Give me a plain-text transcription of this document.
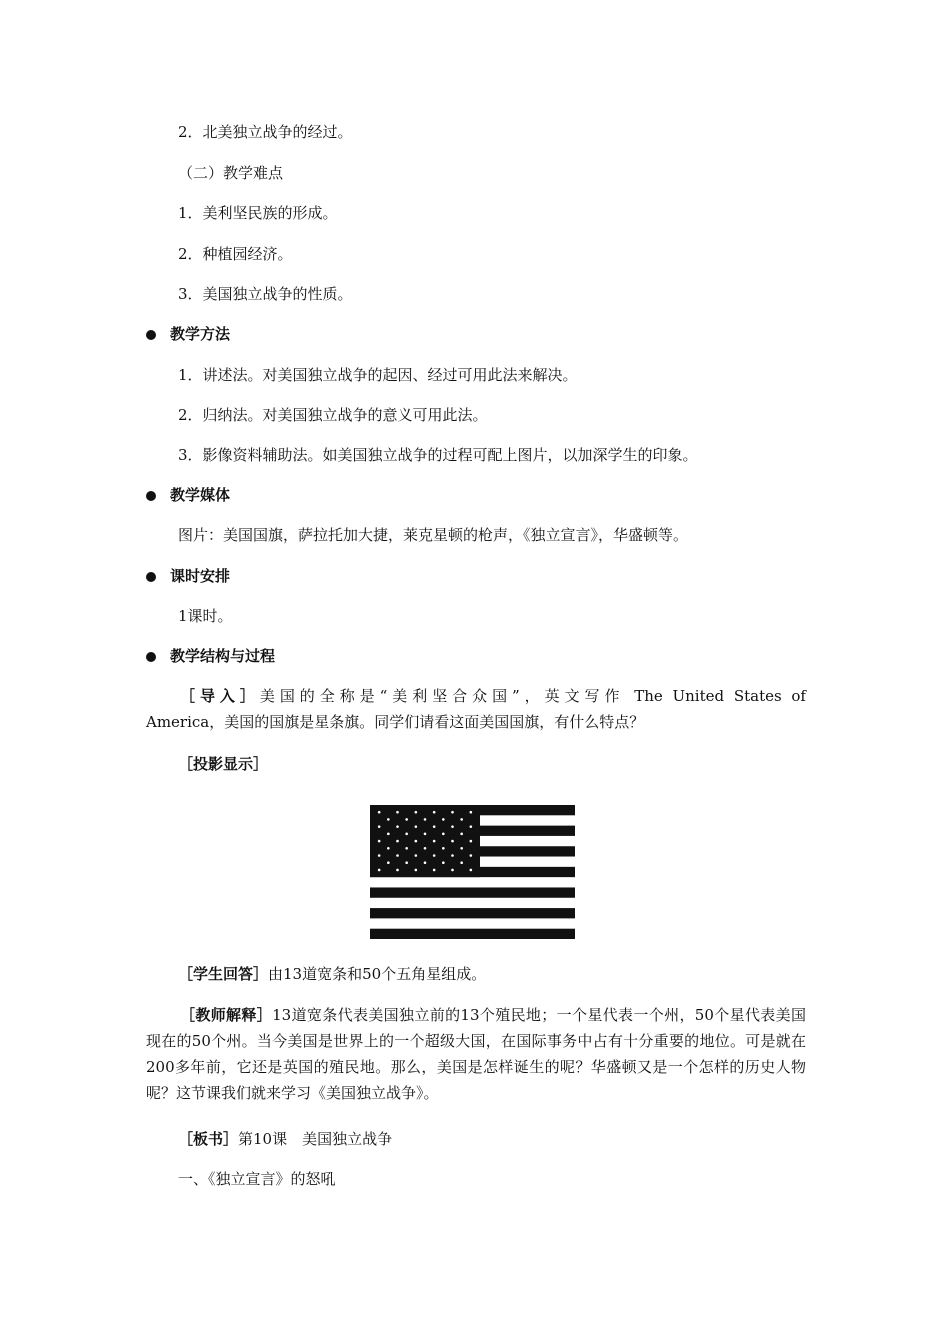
2．北美独立战争的经过。
（二）教学难点
1．美利坚民族的形成。
2．种植园经济。
3．美国独立战争的性质。
教学方法
1．讲述法。对美国独立战争的起因、经过可用此法来解决。
2．归纳法。对美国独立战争的意义可用此法。
3．影像资料辅助法。如美国独立战争的过程可配上图片，以加深学生的印象。
教学媒体
图片：美国国旗，萨拉托加大捷，莱克星顿的枪声，《独立宣言》，华盛顿等。
课时安排
1课时。
教学结构与过程
［导入］美国的全称是“美利坚合众国”，英文写作 The United States of
America，美国的国旗是星条旗。同学们请看这面美国国旗，有什么特点？
［投影显示］
［学生回答］由13道宽条和50个五角星组成。
［教师解释］13道宽条代表美国独立前的13个殖民地；一个星代表一个州，50个星代表美国现在的50个州。当今美国是世界上的一个超级大国，在国际事务中占有十分重要的地位。可是就在200多年前，它还是英国的殖民地。那么，美国是怎样诞生的呢？华盛顿又是一个怎样的历史人物呢？这节课我们就来学习《美国独立战争》。
［板书］第10课　美国独立战争
一、《独立宣言》的怒吼
